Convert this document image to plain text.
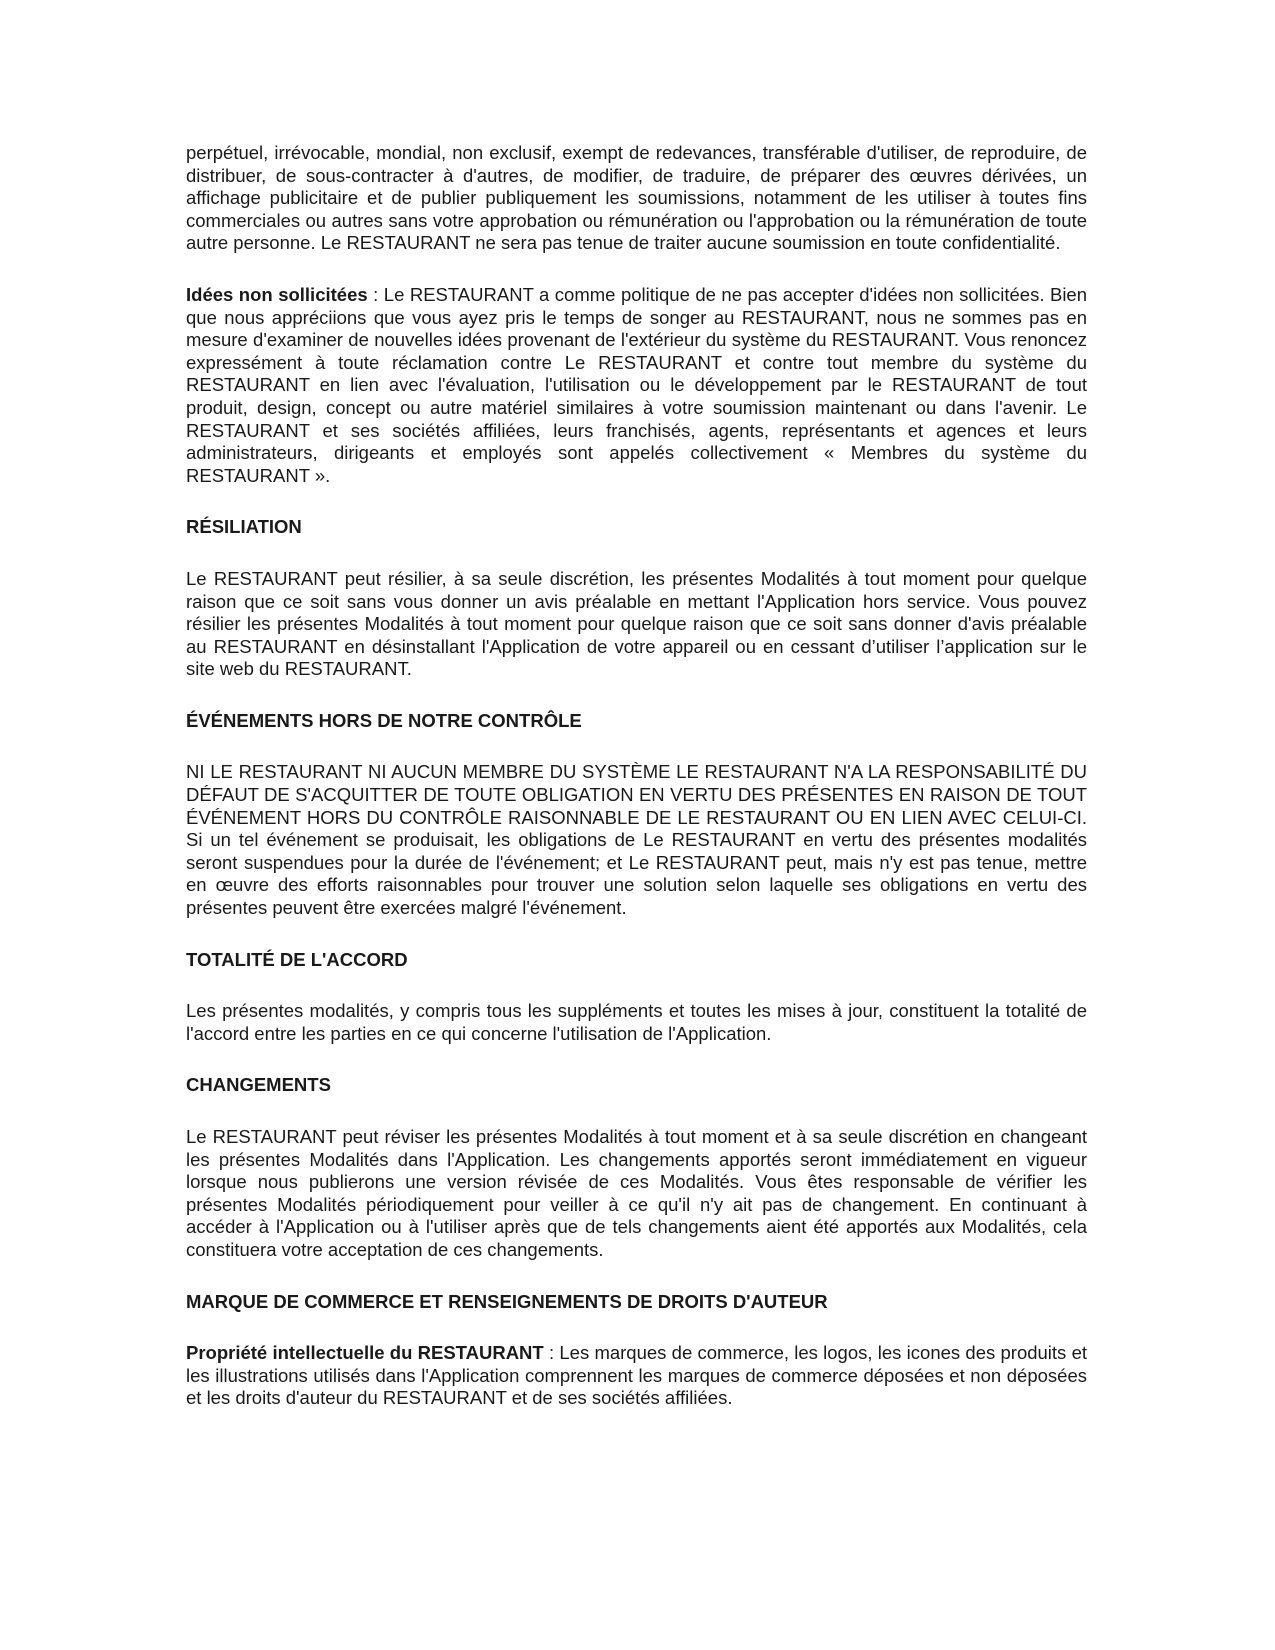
perpétuel, irrévocable, mondial, non exclusif, exempt de redevances, transférable d'utiliser, de reproduire, de distribuer, de sous-contracter à d'autres, de modifier, de traduire, de préparer des œuvres dérivées, un affichage publicitaire et de publier publiquement les soumissions, notamment de les utiliser à toutes fins commerciales ou autres sans votre approbation ou rémunération ou l'approbation ou la rémunération de toute autre personne. Le RESTAURANT ne sera pas tenue de traiter aucune soumission en toute confidentialité.

Idées non sollicitées : Le RESTAURANT a comme politique de ne pas accepter d'idées non sollicitées. Bien que nous appréciions que vous ayez pris le temps de songer au RESTAURANT, nous ne sommes pas en mesure d'examiner de nouvelles idées provenant de l'extérieur du système du RESTAURANT. Vous renoncez expressément à toute réclamation contre Le RESTAURANT et contre tout membre du système du RESTAURANT en lien avec l'évaluation, l'utilisation ou le développement par le RESTAURANT de tout produit, design, concept ou autre matériel similaires à votre soumission maintenant ou dans l'avenir. Le RESTAURANT et ses sociétés affiliées, leurs franchisés, agents, représentants et agences et leurs administrateurs, dirigeants et employés sont appelés collectivement « Membres du système du RESTAURANT ».

RÉSILIATION

Le RESTAURANT peut résilier, à sa seule discrétion, les présentes Modalités à tout moment pour quelque raison que ce soit sans vous donner un avis préalable en mettant l'Application hors service. Vous pouvez résilier les présentes Modalités à tout moment pour quelque raison que ce soit sans donner d'avis préalable au RESTAURANT en désinstallant l'Application de votre appareil ou en cessant d’utiliser l’application sur le site web du RESTAURANT.

ÉVÉNEMENTS HORS DE NOTRE CONTRÔLE

NI LE RESTAURANT NI AUCUN MEMBRE DU SYSTÈME LE RESTAURANT N'A LA RESPONSABILITÉ DU DÉFAUT DE S'ACQUITTER DE TOUTE OBLIGATION EN VERTU DES PRÉSENTES EN RAISON DE TOUT ÉVÉNEMENT HORS DU CONTRÔLE RAISONNABLE DE LE RESTAURANT OU EN LIEN AVEC CELUI-CI. Si un tel événement se produisait, les obligations de Le RESTAURANT en vertu des présentes modalités seront suspendues pour la durée de l'événement; et Le RESTAURANT peut, mais n'y est pas tenue, mettre en œuvre des efforts raisonnables pour trouver une solution selon laquelle ses obligations en vertu des présentes peuvent être exercées malgré l'événement.

TOTALITÉ DE L'ACCORD

Les présentes modalités, y compris tous les suppléments et toutes les mises à jour, constituent la totalité de l'accord entre les parties en ce qui concerne l'utilisation de l'Application.

CHANGEMENTS

Le RESTAURANT peut réviser les présentes Modalités à tout moment et à sa seule discrétion en changeant les présentes Modalités dans l'Application. Les changements apportés seront immédiatement en vigueur lorsque nous publierons une version révisée de ces Modalités. Vous êtes responsable de vérifier les présentes Modalités périodiquement pour veiller à ce qu'il n'y ait pas de changement. En continuant à accéder à l'Application ou à l'utiliser après que de tels changements aient été apportés aux Modalités, cela constituera votre acceptation de ces changements.

MARQUE DE COMMERCE ET RENSEIGNEMENTS DE DROITS D'AUTEUR

Propriété intellectuelle du RESTAURANT : Les marques de commerce, les logos, les icones des produits et les illustrations utilisés dans l'Application comprennent les marques de commerce déposées et non déposées et les droits d'auteur du RESTAURANT et de ses sociétés affiliées.
